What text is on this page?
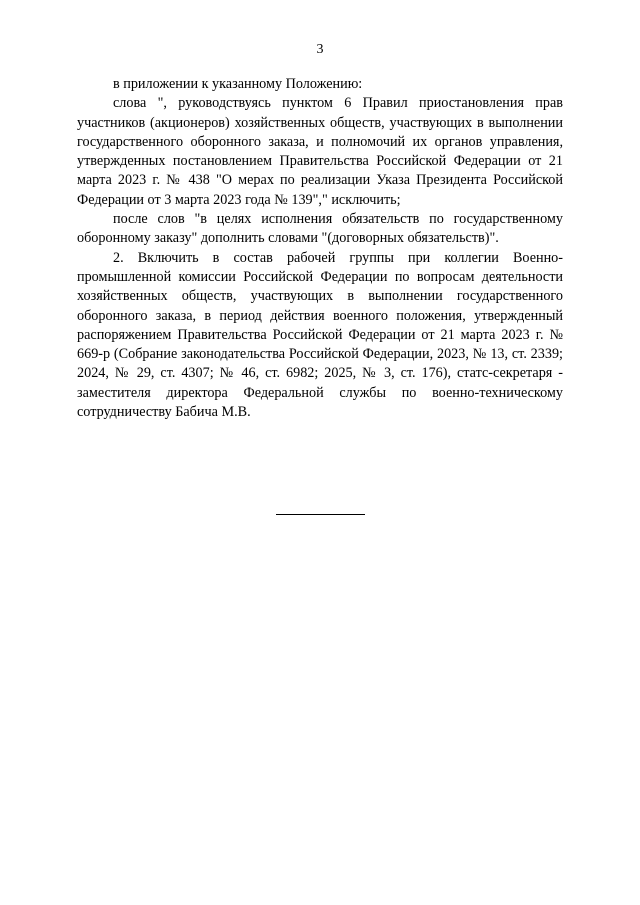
3

в приложении к указанному Положению:

слова ", руководствуясь пунктом 6 Правил приостановления прав участников (акционеров) хозяйственных обществ, участвующих в выполнении государственного оборонного заказа, и полномочий их органов управления, утвержденных постановлением Правительства Российской Федерации от 21 марта 2023 г. № 438 "О мерах по реализации Указа Президента Российской Федерации от 3 марта 2023 года № 139"," исключить;

после слов "в целях исполнения обязательств по государственному оборонному заказу" дополнить словами "(договорных обязательств)".

2. Включить в состав рабочей группы при коллегии Военно-промышленной комиссии Российской Федерации по вопросам деятельности хозяйственных обществ, участвующих в выполнении государственного оборонного заказа, в период действия военного положения, утвержденный распоряжением Правительства Российской Федерации от 21 марта 2023 г. № 669-р (Собрание законодательства Российской Федерации, 2023, № 13, ст. 2339; 2024, № 29, ст. 4307; № 46, ст. 6982; 2025, № 3, ст. 176), статс-секретаря - заместителя директора Федеральной службы по военно-техническому сотрудничеству Бабича М.В.
